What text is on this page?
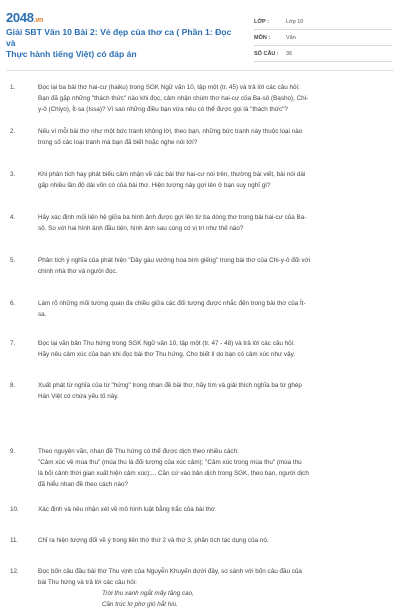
2048.vn
Giải SBT Văn 10 Bài 2: Vẻ đẹp của thơ ca ( Phần 1: Đọc và
Thực hành tiếng Việt) có đáp án
LỚP :	Lớp 10
MÔN :	Văn
SỐ CÂU :	36
1.	Đọc lại ba bài thơ hai-cư (haiku) trong SGK Ngữ văn 10, tập một (tr. 45) và trả lời các câu hỏi:
Bạn đã gặp những "thách thức" nào khi đọc, cảm nhận chùm thơ hai-cư của Ba-sô (Basho), Chi-
y-ô (Chiyo), Ít-sa (Issa)? Vì sao những điều bạn vừa nêu có thể được gọi là "thách thức"?
2.	Nếu ví mỗi bài thơ như một bức tranh không lời, theo bạn, những bức tranh này thuộc loại nào
trong số các loại tranh mà bạn đã biết hoặc nghe nói tới?
3.	Khi phân tích hay phát biểu cảm nhận về các bài thơ hai-cư nói trên, thường bài viết, bài nói dài
gấp nhiều lần độ dài vốn có của bài thơ. Hiện tượng này gợi lên ở bạn suy nghĩ gì?
4.	Hãy xác định mối liên hệ giữa ba hình ảnh được gợi lên từ ba dòng thơ trong bài hai-cư của Ba-
sô. So với hai hình ảnh đầu tiên, hình ảnh sau cùng có vị trí như thế nào?
5.	Phân tích ý nghĩa của phát hiện "Dây gàu vướng hoa bìm giếng" trong bài thơ của Chi-y-ô đối với
chính nhà thơ và người đọc.
6.	Làm rõ những mối tương quan đa chiều giữa các đối tượng được nhắc đến trong bài thơ của Ít-
sa.
7.	Đọc lại văn bản Thu hứng trong SGK Ngữ văn 10, tập một (tr. 47 - 48) và trả lời các câu hỏi:
Hãy nêu cảm xúc của bạn khi đọc bài thơ Thu hứng. Cho biết lí do bạn có cảm xúc như vậy.
8.	Xuất phát từ nghĩa của từ "hứng" trong nhan đề bài thơ, hãy tìm và giải thích nghĩa ba từ ghép
Hán Việt có chứa yếu tố này.
9.	Theo nguyên văn, nhan đề Thu hứng có thể được dịch theo nhiều cách:
"Cảm xúc về mùa thu" (mùa thu là đối tượng của xúc cảm); "Cảm xúc trong mùa thu" (mùa thu
là bối cảnh thời gian xuất hiện cảm xúc);... Căn cứ vào bản dịch trong SGK, theo bạn, người dịch
đã hiểu nhan đề theo cách nào?
10.	Xác định và nêu nhận xét về mô hình luật bằng trắc của bài thơ.
11.	Chỉ ra hiện tượng đối về ý trong liên thơ thứ 2 và thứ 3, phân tích tác dụng của nó.
12.	Đọc bốn câu đầu bài thơ Thu vịnh của Nguyễn Khuyến dưới đây, so sánh với bốn câu đầu của
bài Thu hứng và trả lời các câu hỏi:
Trời thu xanh ngắt mấy tầng cao,
Cần trúc lơ phơ gió hắt hiu.
